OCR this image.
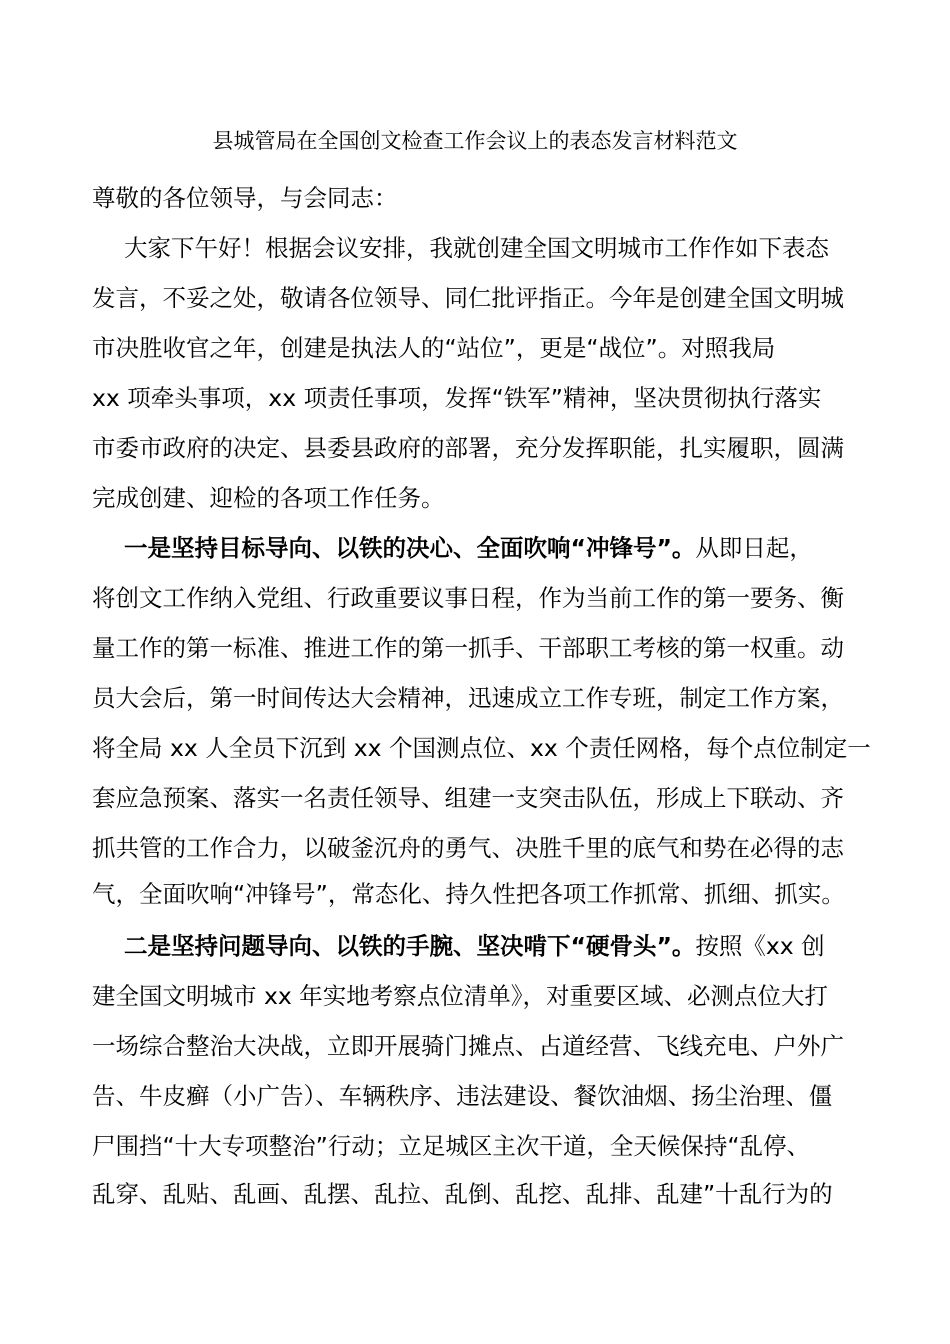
县城管局在全国创文检查工作会议上的表态发言材料范文
尊敬的各位领导，与会同志：
大家下午好！根据会议安排，我就创建全国文明城市工作作如下表态
发言，不妥之处，敬请各位领导、同仁批评指正。今年是创建全国文明城
市决胜收官之年，创建是执法人的“站位”，更是“战位”。对照我局
xx 项牵头事项，xx 项责任事项，发挥“铁军”精神，坚决贯彻执行落实
市委市政府的决定、县委县政府的部署，充分发挥职能，扎实履职，圆满
完成创建、迎检的各项工作任务。
一是坚持目标导向、以铁的决心、全面吹响“冲锋号”。从即日起，
将创文工作纳入党组、行政重要议事日程，作为当前工作的第一要务、衡
量工作的第一标准、推进工作的第一抓手、干部职工考核的第一权重。动
员大会后，第一时间传达大会精神，迅速成立工作专班，制定工作方案，
将全局 xx 人全员下沉到 xx 个国测点位、xx 个责任网格，每个点位制定一
套应急预案、落实一名责任领导、组建一支突击队伍，形成上下联动、齐
抓共管的工作合力，以破釜沉舟的勇气、决胜千里的底气和势在必得的志
气，全面吹响“冲锋号”，常态化、持久性把各项工作抓常、抓细、抓实。
二是坚持问题导向、以铁的手腕、坚决啃下“硬骨头”。按照《xx 创
建全国文明城市 xx 年实地考察点位清单》，对重要区域、必测点位大打
一场综合整治大决战，立即开展骑门摊点、占道经营、飞线充电、户外广
告、牛皮癣（小广告）、车辆秩序、违法建设、餐饮油烟、扬尘治理、僵
尸围挡“十大专项整治”行动；立足城区主次干道，全天候保持“乱停、
乱穿、乱贴、乱画、乱摆、乱拉、乱倒、乱挖、乱排、乱建”十乱行为的
